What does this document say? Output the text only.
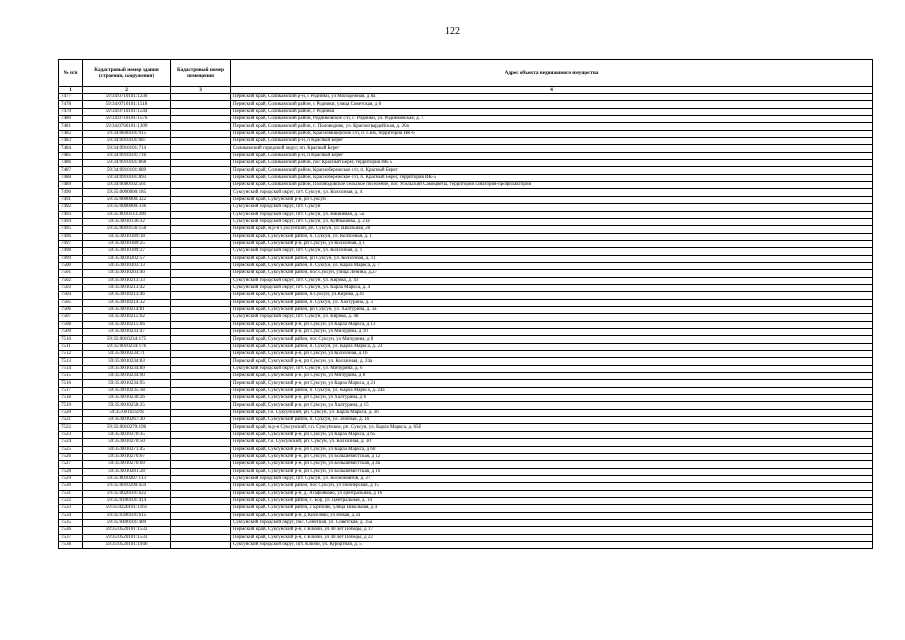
122
№ п/п	Кадастровый номер здания (строения, сооружения)	Кадастровый номер помещения	Адрес объекта недвижимого имущества
1	2	3	4
7477	59:34:0710101:1236		Пермский край, Соликамский р-н, с Родники, ул Молодежная, д 8а
7478	59:34:0710101:1518		Пермский край, Соликамский район, с Родники, улица Советская, д 8
7479	59:34:0710101:1544		Пермский край, Соликамский район, с Родники
7480	59:34:0710101:1576		Пермский край, Соликамский район, Родниковское с/п, с. Родники, ул. Родниковская, д. 7
7481	59:34:0760101:1309		Пермский край, Соликамский район, с. Половодово, ул. Красногвардейская, д. 20а
7482	59:34:0840101:915		Пермский край, Соликамский район, Красновишерское с/п, п. Сим, территория ИК-6
7483	59:34:0910101:687		Пермский край, Соликамский р-н, п Красный Берег
7484	59:34:0910101:714		Соликамский городской округ, пп. Красный Берег
7485	59:34:0910101:716		Пермский край, Соликамский р-н, п Красный Берег
7486	59:34:0910101:868		Пермский край, Соликамский район, пос Красный Берег, территория ИК-5
7487	59:34:0910101:889		Пермский край, Соликамский район, Краснобережское с/п, п. Красный Берег
7488	59:34:0910101:893		Пермский край, Соликамский район, Краснобережское с/п, п. Красный Берег, территория ИК-5
7489	59:34:0680102:561		Пермский край, Соликамский район, Половодовское сельское поселение, пос Усольский Самоцветы, территория санатория-профилактория
7490	59:35:0000000:185		Суксунский городской округ, пгт. Суксун, ул. Колхозная, д. 4
7491	59:35:0000000:322		Пермский край, Суксунский р-н, рп Суксун
7492	59:35:0000000:336		Суксунский городской округ, пгт. Суксун
7493	59:35:0010113:200		Суксунский городской округ, пгт. Суксун, ул. Вишневая, д. 5а
7494	59:35:0010136:32		Суксунский городской округ, пгт. Суксун, ул. Куйбышева, д. 21а
7495	59:35:0010156:158		Пермский край, м.р-н Суксунский, рп. Суксун, ул. Школьная, 20
7496	59:35:0010189:18		Пермский край, Суксунский район, п. Суксун, ул. Колхозная, д. 1
7497	59:35:0010189:25		Пермский край, Суксунский р-н, рп Суксун, ул Колхозная, д 1
7498	59:35:0010189:27		Суксунский городской округ, пгт. Суксун, ул. Колхозная, д. 1
7499	59:35:0010202:57		Пермский край, Суксунский район, рп Суксун, ул. Колхозная, д. 11
7500	59:35:0010203:13		Пермский край, Суксунский район, п. Суксун, ул. Карла Маркса, д. 7
7501	59:35:0010203:40		Пермский край, Суксунский район, пос.Суксун, улица Ленина, д.27
7502	59:35:0010213:33		Суксунский городской округ, пгт. Суксун, ул. Кирова, д. 43
7503	59:35:0010213:42		Суксунский городской округ, пгт. Суксун, ул. Карла Маркса, д. 4
7504	59:35:0010213:46		Пермский край, Суксунский район, п.Суксун, ул.Кирова, д.41
7505	59:35:0010214:32		Пермский край, Суксунский район, п. Суксун, ул. Халтурина, д. 3
7506	59:35:0010214:81		Пермский край, Суксунский район, рп Суксун, ул. Халтурина, д. 3а
7507	59:35:0010215:62		Суксунский городской округ, пгт. Суксун, ул. Кирова, д. 48
7508	59:35:0010215:66		Пермский край, Суксунский р-н, рп Суксун, ул Карла Маркса, д 13
7509	59:35:0010233:47		Пермский край, Суксунский р-н, рп Суксун, ул Мичурина, д 10
7510	59:35:0010234:175		Пермский край, Суксунский район, пос Суксун, ул Мичурина, д 8
7511	59:35:0010234:176		Пермский край, Суксунский район, п. Суксун, ул. Карла Маркса, д. 23
7512	59:35:0010234:71		Пермский край, Суксунский р-н, рп Суксун, ул Колхозная, д 16
7513	59:35:0010234:83		Пермский край, Суксунский р-н, рп Суксун, ул. Колхозная, д. 24а
7514	59:35:0010234:89		Суксунский городской округ, пгт. Суксун, ул. Мичурина, д. 6
7515	59:35:0010234:90		Пермский край, Суксунский р-н, рп Суксун, ул Мичурина, д 8
7516	59:35:0010234:95		Пермский край, Суксунский р-н, рп Суксун, ул Карла Маркса, д 21
7517	59:35:0010235:38		Пермский край, Суксунский район, п. Суксун, ул. Карла Маркса, д. 24а
7518	59:35:0010236:26		Пермский край, Суксунский р-н, рп Суксун, ул Халтурина, д 6
7519	59:35:0010258:25		Пермский край, Суксунский р-н, рп Суксун, ул Халтурина, д 15
7520	59:35:0010259:8		Пермский край, г.о. Суксунский, рп. Суксун, ул. Карла Маркса, д. 36
7521	59:35:0010267:30		Пермский край, Суксунский район, п. Суксун, ул. Зеленая, д. 16
7522	59:35:0010270:196		Пермский край, м.р-н Суксунский, г.п. Суксунское, рп. Суксун, ул. Карла Маркса, д. 65б
7523	59:35:0010270:35		Пермский край, Суксунский р-н, рп Суксун, ул Карла Маркса, д 65
7524	59:35:0010270:50		Пермский край, г.о. Суксунский, рп. Суксун, ул. Колхозная, д. 30
7525	59:35:0010271:45		Пермский край, Суксунский р-н, рп Суксун, ул Карла Маркса, д 60
7526	59:35:0010276:67		Пермский край, Суксунский р-н, рп Суксун, ул Большевистская, д 12
7527	59:35:0010276:69		Пермский край, Суксунский р-н, рп Суксун, ул Большевистская, д 4а
7528	59:35:0010281:28		Пермский край, Суксунский р-н, рп Суксун, ул Большевистская, д 16
7529	59:35:0010287:113		Суксунский городской округ, пгт. Суксун, ул. Космонавтов, д. 27
7530	59:35:0010290:459		Пермский край, Суксунский район, пос Суксун, ул Пионерская, д 15
7531	59:35:0020101:622		Пермский край, Суксунский р-н, д. Агафонково, ул Центральная, д 16
7532	59:35:0100101:414		Пермский край, Суксунский район, с. Бор, ул. Центральная, д. 14
7533	59:35:0220101:1161		Пермский край, Суксунский район, с Ерехово, улица Школьная, д 4
7534	59:35:0300101:615		Пермский край, Суксунский р-н, д Киселево, ул Новая, д 2а
7535	59:35:0400101:489		Суксунский городской округ, пос. Сенетная, ул. Советская, д. 35а
7536	59:35:0520101:1532		Пермский край, Суксунский р-н, с Ключи, ул 40 лет Победы, д 17
7537	59:35:0520101:1533		Пермский край, Суксунский р-н, с Ключи, ул 40 лет Победы, д 22
7538	59:35:0520101:1946		Суксунский городской округ, пгт. Ключи, ул. Курортная, д. 5
